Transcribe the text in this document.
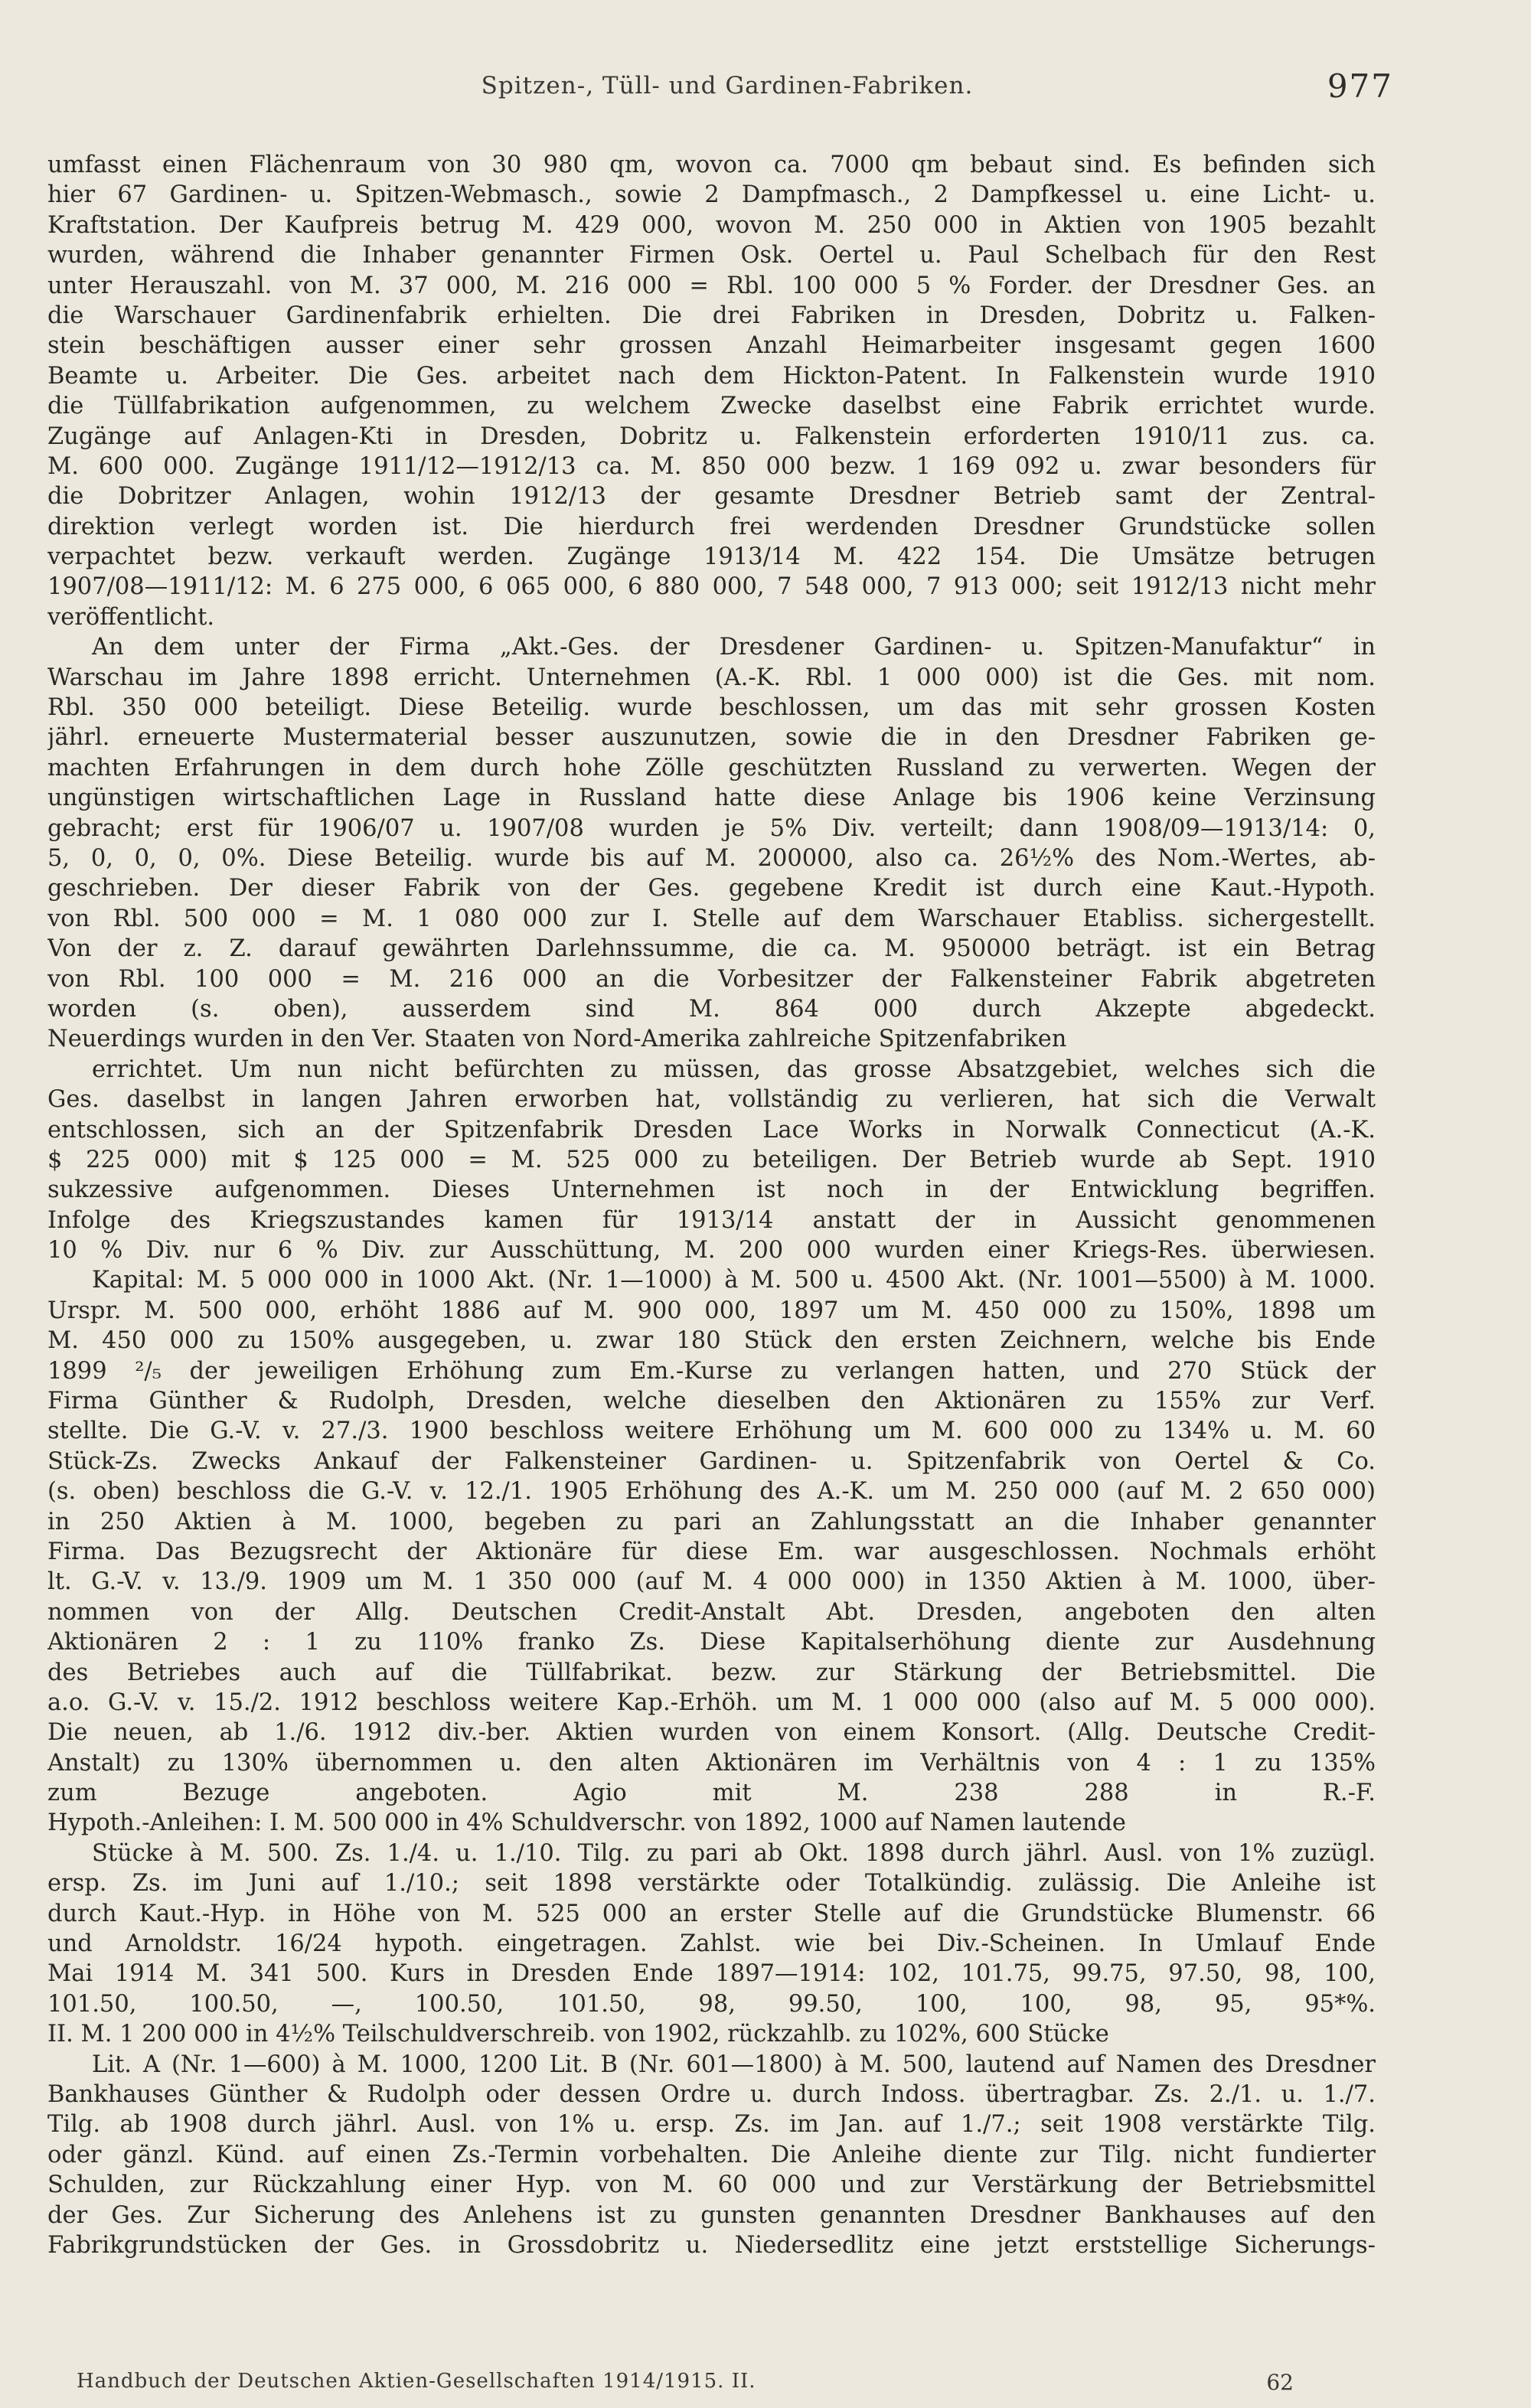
Spitzen-, Tüll- und Gardinen-Fabriken.	977
umfasst einen Flächenraum von 30 980 qm, wovon ca. 7000 qm bebaut sind. Es befinden sich
hier 67 Gardinen- u. Spitzen-Webmasch., sowie 2 Dampfmasch., 2 Dampfkessel u. eine Licht- u.
Kraftstation. Der Kaufpreis betrug M. 429 000, wovon M. 250 000 in Aktien von 1905 bezahlt
wurden, während die Inhaber genannter Firmen Osk. Oertel u. Paul Schelbach für den Rest
unter Herauszahl. von M. 37 000, M. 216 000 = Rbl. 100 000 5 % Forder. der Dresdner Ges. an
die Warschauer Gardinenfabrik erhielten. Die drei Fabriken in Dresden, Dobritz u. Falken-
stein beschäftigen ausser einer sehr grossen Anzahl Heimarbeiter insgesamt gegen 1600
Beamte u. Arbeiter. Die Ges. arbeitet nach dem Hickton-Patent. In Falkenstein wurde 1910
die Tüllfabrikation aufgenommen, zu welchem Zwecke daselbst eine Fabrik errichtet wurde.
Zugänge auf Anlagen-Kti in Dresden, Dobritz u. Falkenstein erforderten 1910/11 zus. ca.
M. 600 000. Zugänge 1911/12—1912/13 ca. M. 850 000 bezw. 1 169 092 u. zwar besonders für
die Dobritzer Anlagen, wohin 1912/13 der gesamte Dresdner Betrieb samt der Zentral-
direktion verlegt worden ist. Die hierdurch frei werdenden Dresdner Grundstücke sollen
verpachtet bezw. verkauft werden. Zugänge 1913/14 M. 422 154. Die Umsätze betrugen
1907/08—1911/12: M. 6 275 000, 6 065 000, 6 880 000, 7 548 000, 7 913 000; seit 1912/13 nicht mehr
veröffentlicht.
An dem unter der Firma „Akt.-Ges. der Dresdener Gardinen- u. Spitzen-Manufaktur“ in
Warschau im Jahre 1898 erricht. Unternehmen (A.-K. Rbl. 1 000 000) ist die Ges. mit nom.
Rbl. 350 000 beteiligt. Diese Beteilig. wurde beschlossen, um das mit sehr grossen Kosten
jährl. erneuerte Mustermaterial besser auszunutzen, sowie die in den Dresdner Fabriken ge-
machten Erfahrungen in dem durch hohe Zölle geschützten Russland zu verwerten. Wegen der
ungünstigen wirtschaftlichen Lage in Russland hatte diese Anlage bis 1906 keine Verzinsung
gebracht; erst für 1906/07 u. 1907/08 wurden je 5% Div. verteilt; dann 1908/09—1913/14: 0,
5, 0, 0, 0, 0%. Diese Beteilig. wurde bis auf M. 200000, also ca. 26½% des Nom.-Wertes, ab-
geschrieben. Der dieser Fabrik von der Ges. gegebene Kredit ist durch eine Kaut.-Hypoth.
von Rbl. 500 000 = M. 1 080 000 zur I. Stelle auf dem Warschauer Etabliss. sichergestellt.
Von der z. Z. darauf gewährten Darlehnssumme, die ca. M. 950000 beträgt. ist ein Betrag
von Rbl. 100 000 = M. 216 000 an die Vorbesitzer der Falkensteiner Fabrik abgetreten
worden (s. oben), ausserdem sind M. 864 000 durch Akzepte abgedeckt.
Neuerdings wurden in den Ver. Staaten von Nord-Amerika zahlreiche Spitzenfabriken
errichtet. Um nun nicht befürchten zu müssen, das grosse Absatzgebiet, welches sich die
Ges. daselbst in langen Jahren erworben hat, vollständig zu verlieren, hat sich die Verwalt
entschlossen, sich an der Spitzenfabrik Dresden Lace Works in Norwalk Connecticut (A.-K.
$ 225 000) mit $ 125 000 = M. 525 000 zu beteiligen. Der Betrieb wurde ab Sept. 1910
sukzessive aufgenommen. Dieses Unternehmen ist noch in der Entwicklung begriffen.
Infolge des Kriegszustandes kamen für 1913/14 anstatt der in Aussicht genommenen
10 % Div. nur 6 % Div. zur Ausschüttung, M. 200 000 wurden einer Kriegs-Res. überwiesen.
Kapital: M. 5 000 000 in 1000 Akt. (Nr. 1—1000) à M. 500 u. 4500 Akt. (Nr. 1001—5500) à M. 1000.
Urspr. M. 500 000, erhöht 1886 auf M. 900 000, 1897 um M. 450 000 zu 150%, 1898 um
M. 450 000 zu 150% ausgegeben, u. zwar 180 Stück den ersten Zeichnern, welche bis Ende
1899 ²/₅ der jeweiligen Erhöhung zum Em.-Kurse zu verlangen hatten, und 270 Stück der
Firma Günther & Rudolph, Dresden, welche dieselben den Aktionären zu 155% zur Verf.
stellte. Die G.-V. v. 27./3. 1900 beschloss weitere Erhöhung um M. 600 000 zu 134% u. M. 60
Stück-Zs. Zwecks Ankauf der Falkensteiner Gardinen- u. Spitzenfabrik von Oertel & Co.
(s. oben) beschloss die G.-V. v. 12./1. 1905 Erhöhung des A.-K. um M. 250 000 (auf M. 2 650 000)
in 250 Aktien à M. 1000, begeben zu pari an Zahlungsstatt an die Inhaber genannter
Firma. Das Bezugsrecht der Aktionäre für diese Em. war ausgeschlossen. Nochmals erhöht
lt. G.-V. v. 13./9. 1909 um M. 1 350 000 (auf M. 4 000 000) in 1350 Aktien à M. 1000, über-
nommen von der Allg. Deutschen Credit-Anstalt Abt. Dresden, angeboten den alten
Aktionären 2 : 1 zu 110% franko Zs. Diese Kapitalserhöhung diente zur Ausdehnung
des Betriebes auch auf die Tüllfabrikat. bezw. zur Stärkung der Betriebsmittel. Die
a.o. G.-V. v. 15./2. 1912 beschloss weitere Kap.-Erhöh. um M. 1 000 000 (also auf M. 5 000 000).
Die neuen, ab 1./6. 1912 div.-ber. Aktien wurden von einem Konsort. (Allg. Deutsche Credit-
Anstalt) zu 130% übernommen u. den alten Aktionären im Verhältnis von 4 : 1 zu 135%
zum Bezuge angeboten. Agio mit M. 238 288 in R.-F.
Hypoth.-Anleihen: I. M. 500 000 in 4% Schuldverschr. von 1892, 1000 auf Namen lautende
Stücke à M. 500. Zs. 1./4. u. 1./10. Tilg. zu pari ab Okt. 1898 durch jährl. Ausl. von 1% zuzügl.
ersp. Zs. im Juni auf 1./10.; seit 1898 verstärkte oder Totalkündig. zulässig. Die Anleihe ist
durch Kaut.-Hyp. in Höhe von M. 525 000 an erster Stelle auf die Grundstücke Blumenstr. 66
und Arnoldstr. 16/24 hypoth. eingetragen. Zahlst. wie bei Div.-Scheinen. In Umlauf Ende
Mai 1914 M. 341 500. Kurs in Dresden Ende 1897—1914: 102, 101.75, 99.75, 97.50, 98, 100,
101.50, 100.50, —, 100.50, 101.50, 98, 99.50, 100, 100, 98, 95, 95*%.
II. M. 1 200 000 in 4½% Teilschuldverschreib. von 1902, rückzahlb. zu 102%, 600 Stücke
Lit. A (Nr. 1—600) à M. 1000, 1200 Lit. B (Nr. 601—1800) à M. 500, lautend auf Namen des Dresdner
Bankhauses Günther & Rudolph oder dessen Ordre u. durch Indoss. übertragbar. Zs. 2./1. u. 1./7.
Tilg. ab 1908 durch jährl. Ausl. von 1% u. ersp. Zs. im Jan. auf 1./7.; seit 1908 verstärkte Tilg.
oder gänzl. Künd. auf einen Zs.-Termin vorbehalten. Die Anleihe diente zur Tilg. nicht fundierter
Schulden, zur Rückzahlung einer Hyp. von M. 60 000 und zur Verstärkung der Betriebsmittel
der Ges. Zur Sicherung des Anlehens ist zu gunsten genannten Dresdner Bankhauses auf den
Fabrikgrundstücken der Ges. in Grossdobritz u. Niedersedlitz eine jetzt erststellige Sicherungs-
Handbuch der Deutschen Aktien-Gesellschaften 1914/1915. II.	62
